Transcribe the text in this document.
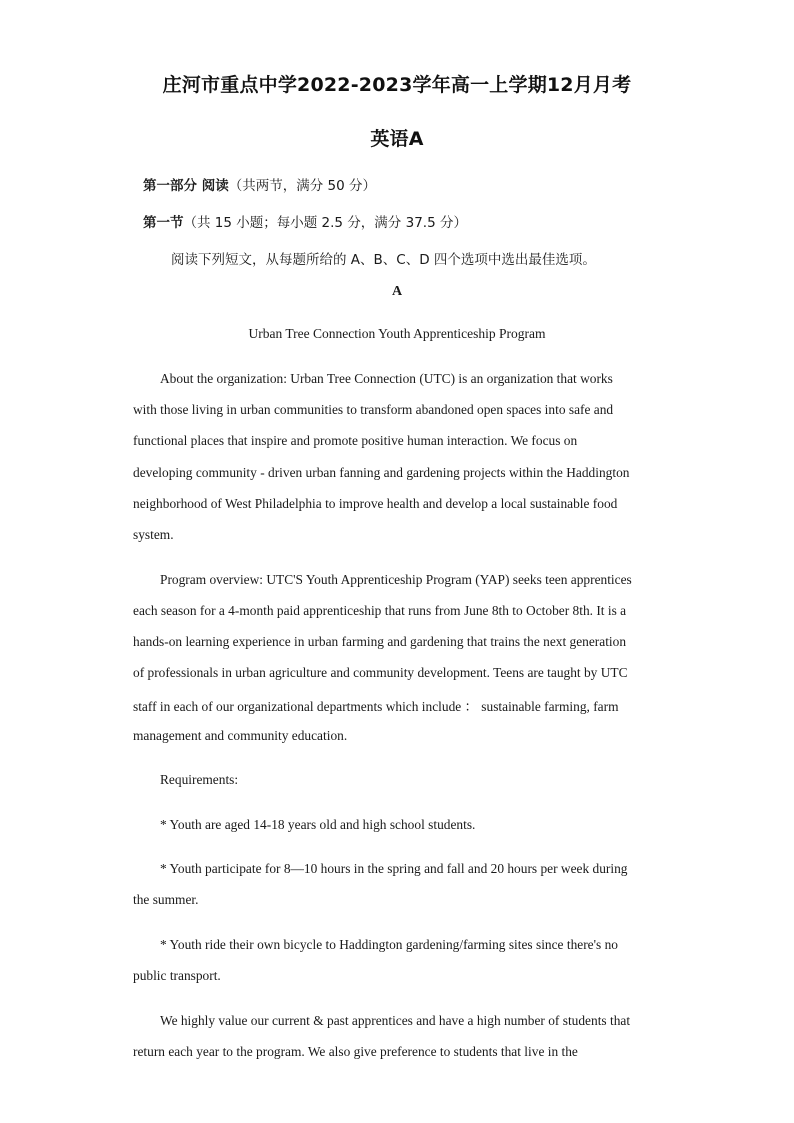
庄河市重点中学2022-2023学年高一上学期12月月考
英语A
第一部分 阅读（共两节，满分 50 分）
第一节（共 15 小题；每小题 2.5 分，满分 37.5 分）
阅读下列短文，从每题所给的 A、B、C、D 四个选项中选出最佳选项。
A
Urban Tree Connection Youth Apprenticeship Program
About the organization: Urban Tree Connection (UTC) is an organization that works
with those living in urban communities to transform abandoned open spaces into safe and
functional places that inspire and promote positive human interaction. We focus on
developing community - driven urban fanning and gardening projects within the Haddington
neighborhood of West Philadelphia to improve health and develop a local sustainable food
system.
Program overview: UTC'S Youth Apprenticeship Program (YAP) seeks teen apprentices
each season for a 4-month paid apprenticeship that runs from June 8th to October 8th. It is a
hands-on learning experience in urban farming and gardening that trains the next generation
of professionals in urban agriculture and community development. Teens are taught by UTC
staff in each of our organizational departments which include ： sustainable farming, farm
management and community education.
Requirements:
* Youth are aged 14-18 years old and high school students.
* Youth participate for 8—10 hours in the spring and fall and 20 hours per week during
the summer.
* Youth ride their own bicycle to Haddington gardening/farming sites since there's no
public transport.
We highly value our current & past apprentices and have a high number of students that
return each year to the program. We also give preference to students that live in the
